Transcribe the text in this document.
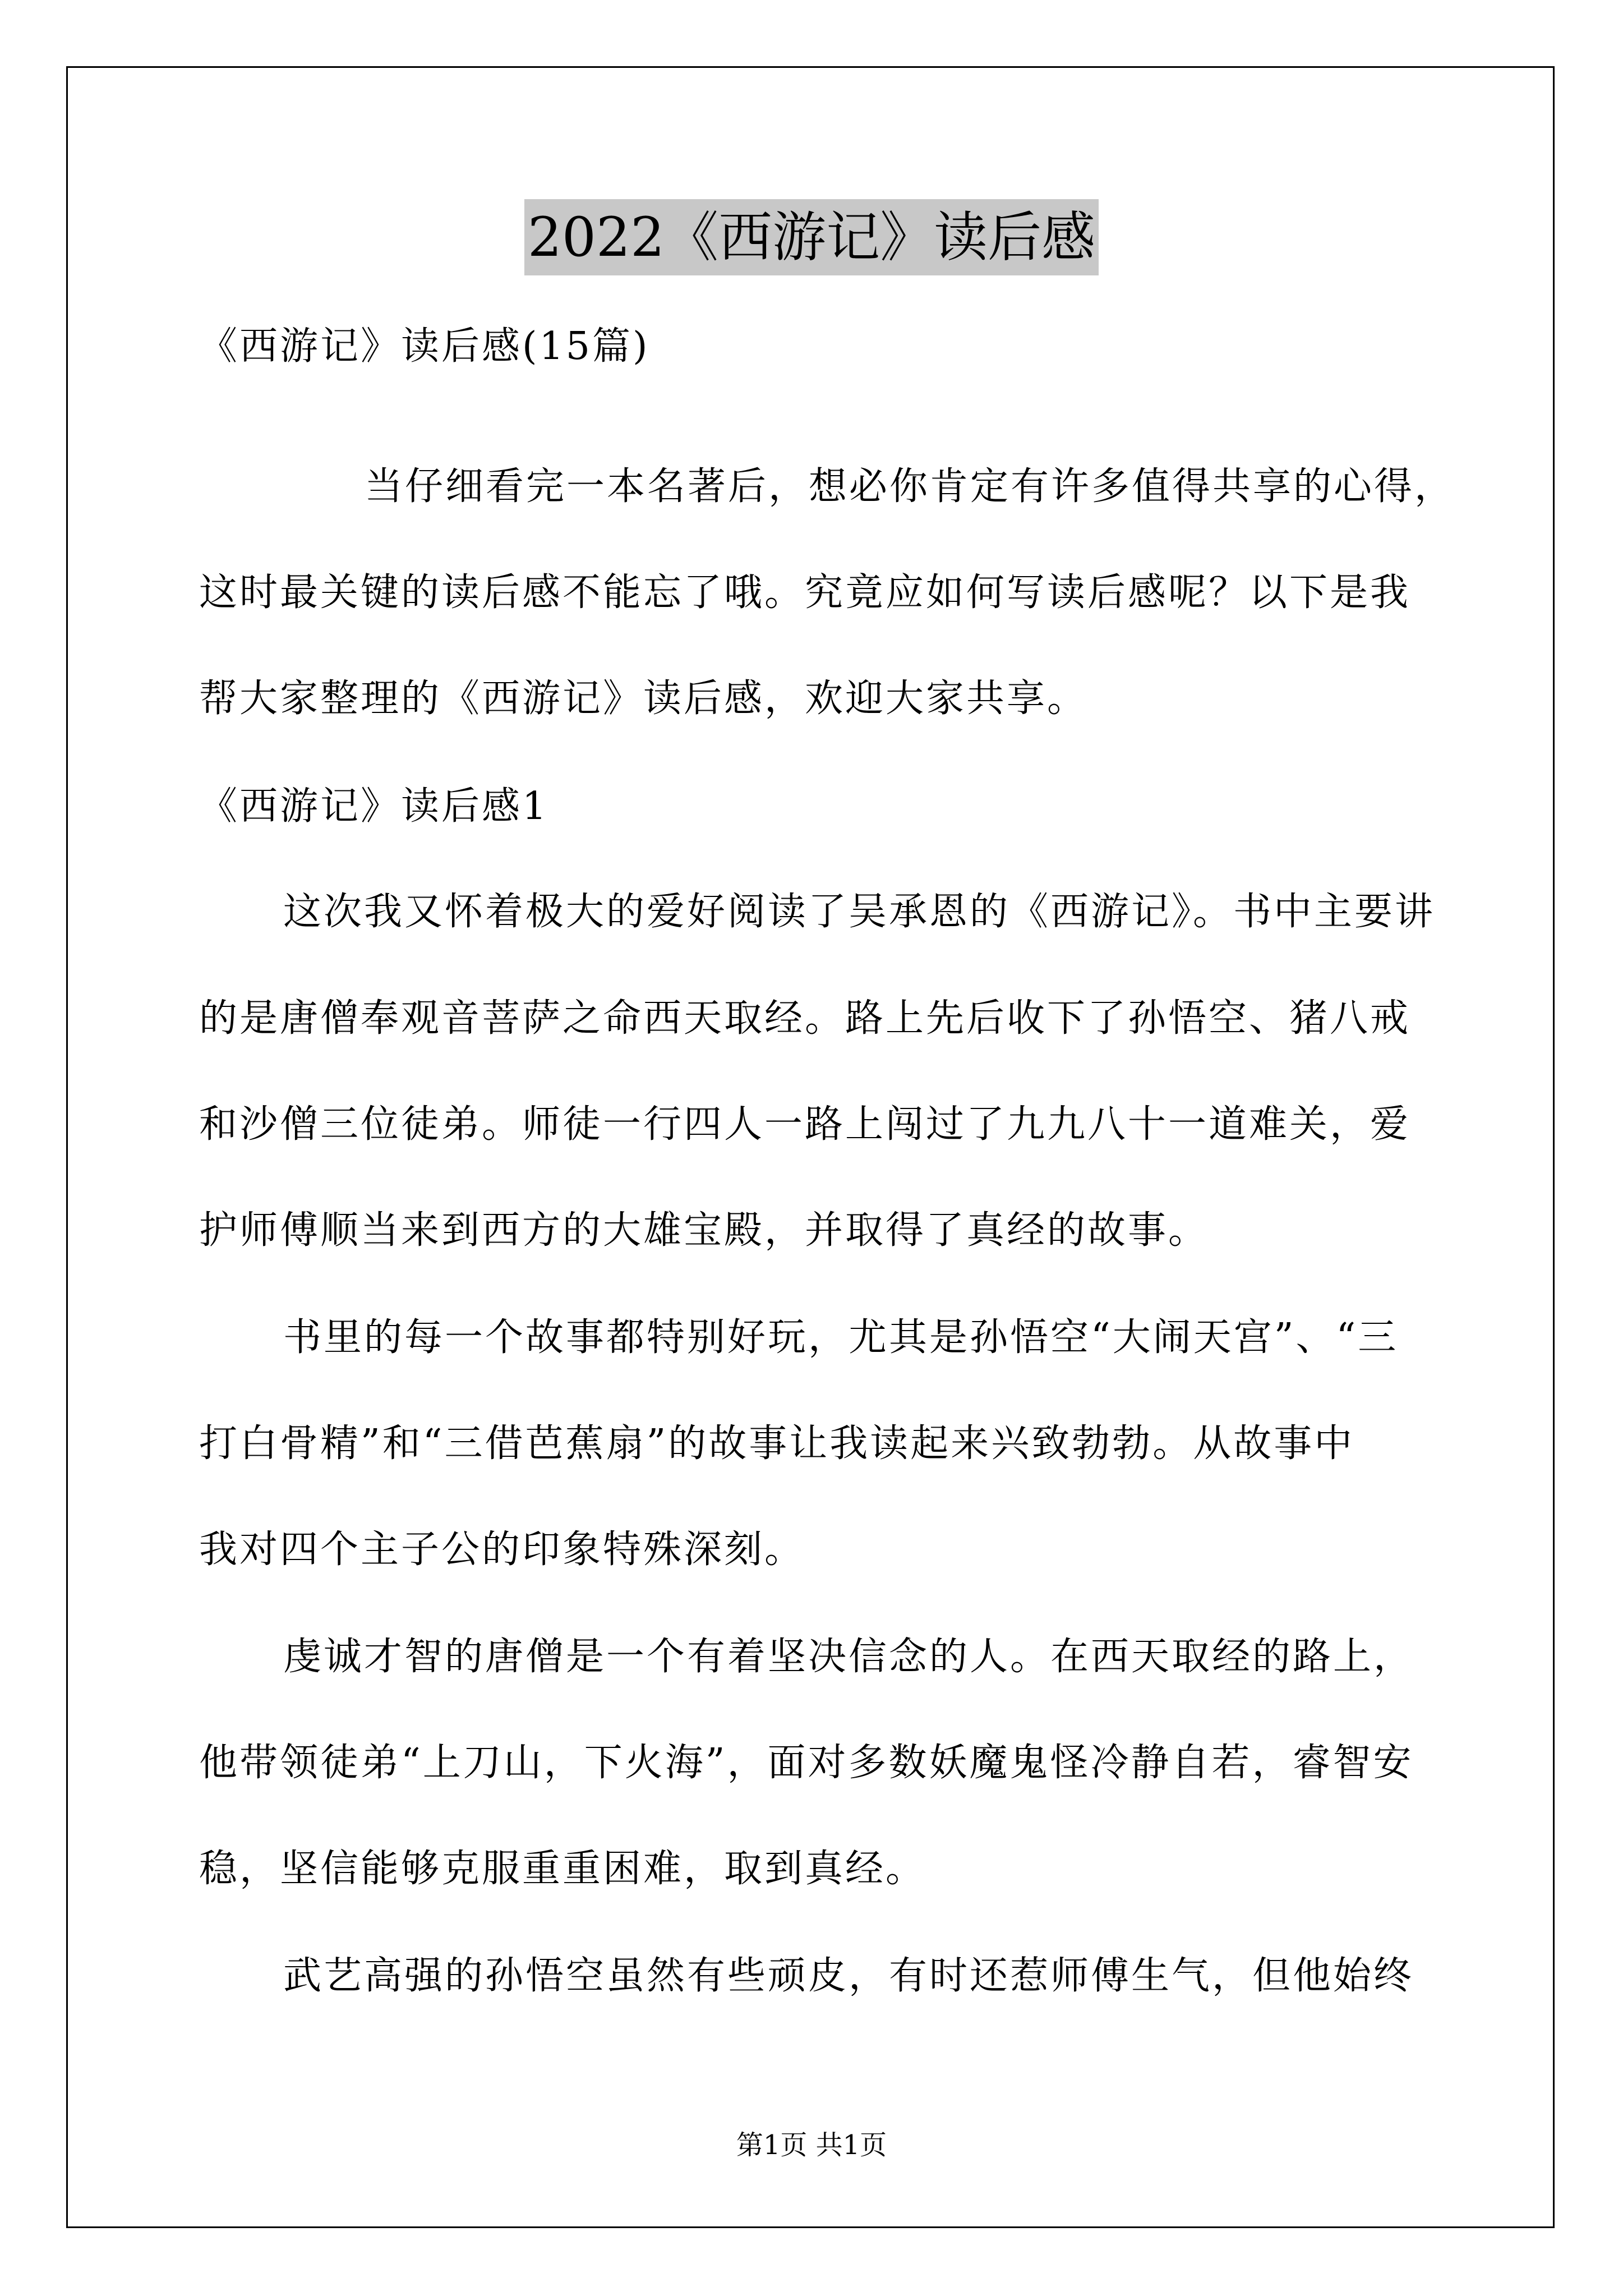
2022《西游记》读后感
《西游记》读后感(15篇)
当仔细看完一本名著后，想必你肯定有许多值得共享的心得，
这时最关键的读后感不能忘了哦。究竟应如何写读后感呢？以下是我
帮大家整理的《西游记》读后感，欢迎大家共享。
《西游记》读后感1
这次我又怀着极大的爱好阅读了吴承恩的《西游记》。书中主要讲
的是唐僧奉观音菩萨之命西天取经。路上先后收下了孙悟空、猪八戒
和沙僧三位徒弟。师徒一行四人一路上闯过了九九八十一道难关，爱
护师傅顺当来到西方的大雄宝殿，并取得了真经的故事。
书里的每一个故事都特别好玩，尤其是孙悟空“大闹天宫”、“三
打白骨精”和“三借芭蕉扇”的故事让我读起来兴致勃勃。从故事中
我对四个主子公的印象特殊深刻。
虔诚才智的唐僧是一个有着坚决信念的人。在西天取经的路上，
他带领徒弟“上刀山，下火海”，面对多数妖魔鬼怪冷静自若，睿智安
稳，坚信能够克服重重困难，取到真经。
武艺高强的孙悟空虽然有些顽皮，有时还惹师傅生气，但他始终
第1页 共1页
